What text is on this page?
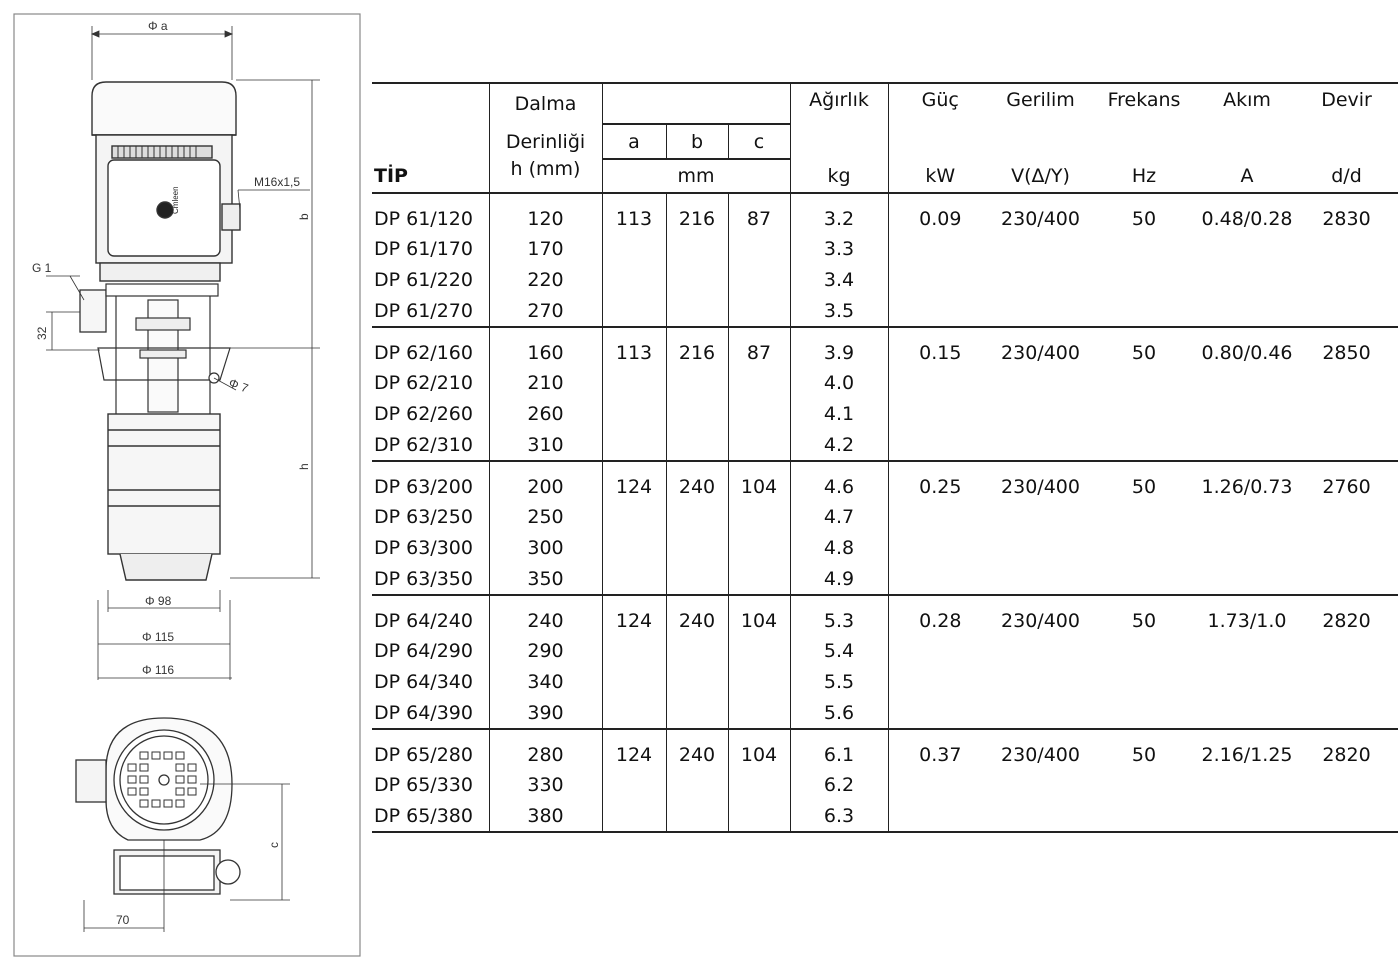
Φ a
Cmleen
M16x1,5
b
G 1
32
Φ 7
h
Φ 98
Φ 115
Φ 116
c
70
	Dalma				Ağırlık	Güç	Gerilim	Frekans	Akım	Devir
	Derinliği	a	b	c						
TİP	h (mm)	mm			kg	kW	V(Δ/Y)	Hz	A	d/d
DP 61/120	120	113	216	87	3.2	0.09	230/400	50	0.48/0.28	2830
DP 61/170	170				3.3					
DP 61/220	220				3.4					
DP 61/270	270				3.5					
DP 62/160	160	113	216	87	3.9	0.15	230/400	50	0.80/0.46	2850
DP 62/210	210				4.0					
DP 62/260	260				4.1					
DP 62/310	310				4.2					
DP 63/200	200	124	240	104	4.6	0.25	230/400	50	1.26/0.73	2760
DP 63/250	250				4.7					
DP 63/300	300				4.8					
DP 63/350	350				4.9					
DP 64/240	240	124	240	104	5.3	0.28	230/400	50	1.73/1.0	2820
DP 64/290	290				5.4					
DP 64/340	340				5.5					
DP 64/390	390				5.6					
DP 65/280	280	124	240	104	6.1	0.37	230/400	50	2.16/1.25	2820
DP 65/330	330				6.2					
DP 65/380	380				6.3					
